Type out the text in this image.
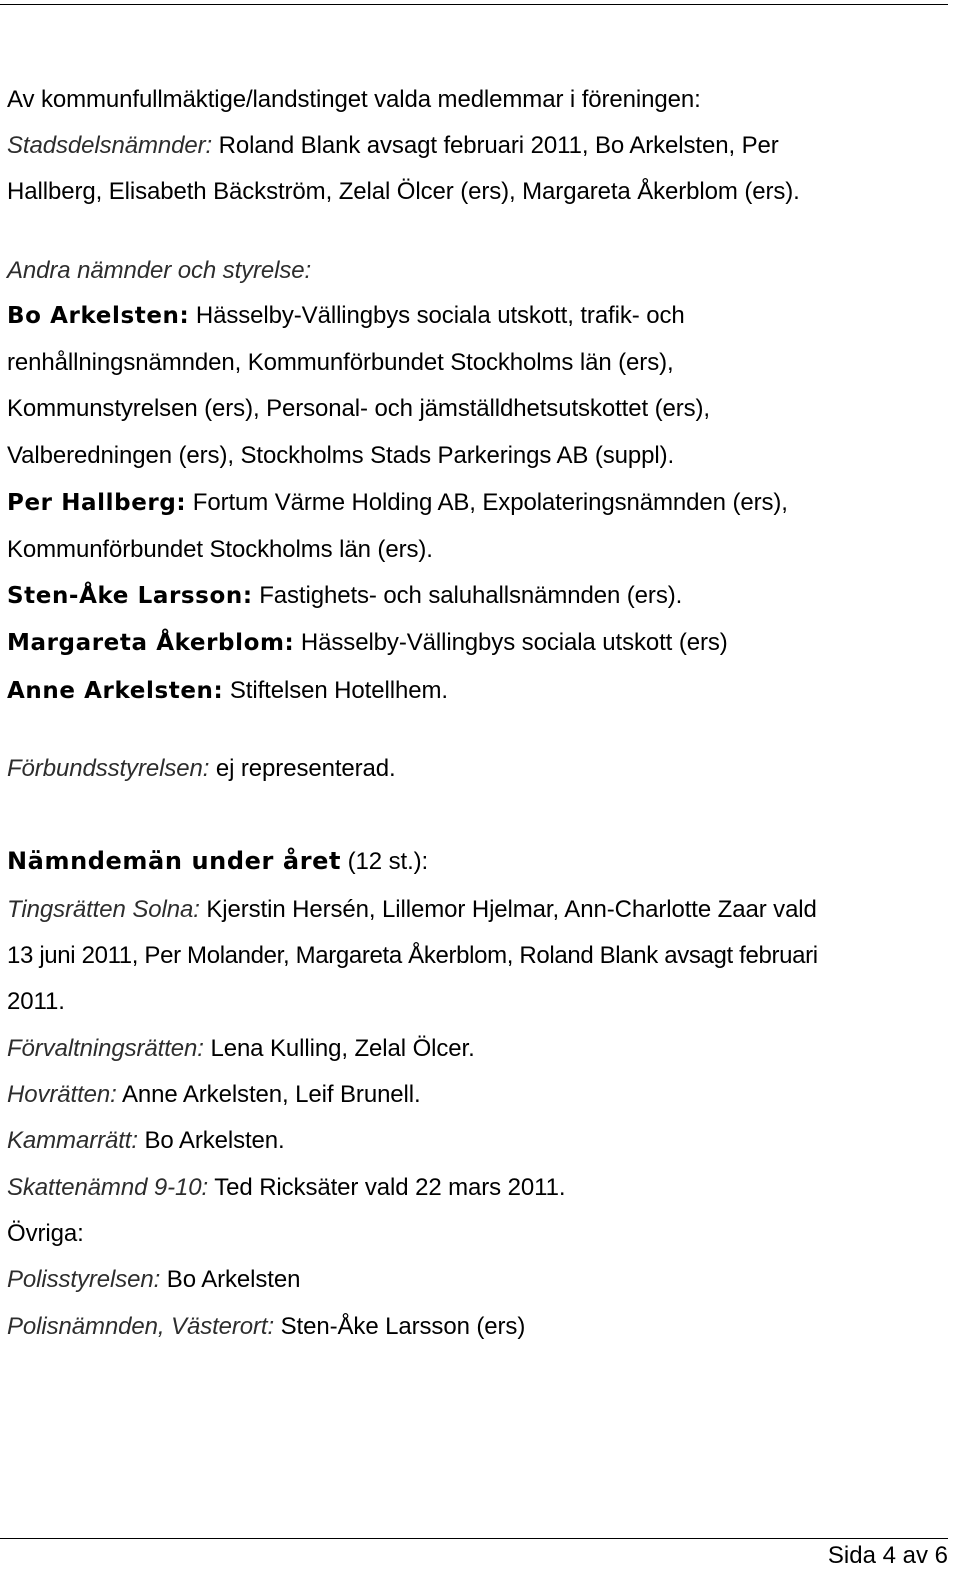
Av kommunfullmäktige/landstinget valda medlemmar i föreningen:
Stadsdelsnämnder: Roland Blank avsagt februari 2011, Bo Arkelsten, Per
Hallberg, Elisabeth Bäckström, Zelal Ölcer (ers), Margareta Åkerblom (ers).
Andra nämnder och styrelse:
Bo Arkelsten: Hässelby-Vällingbys sociala utskott, trafik- och
renhållningsnämnden, Kommunförbundet Stockholms län (ers),
Kommunstyrelsen (ers), Personal- och jämställdhetsutskottet (ers),
Valberedningen (ers), Stockholms Stads Parkerings AB (suppl).
Per Hallberg: Fortum Värme Holding AB, Expolateringsnämnden (ers),
Kommunförbundet Stockholms län (ers).
Sten-Åke Larsson: Fastighets- och saluhallsnämnden (ers).
Margareta Åkerblom: Hässelby-Vällingbys sociala utskott (ers)
Anne Arkelsten: Stiftelsen Hotellhem.
Förbundsstyrelsen: ej representerad.
Nämndemän under året (12 st.):
Tingsrätten Solna: Kjerstin Hersén, Lillemor Hjelmar, Ann-Charlotte Zaar vald
13 juni 2011, Per Molander, Margareta Åkerblom, Roland Blank avsagt februari
2011.
Förvaltningsrätten: Lena Kulling, Zelal Ölcer.
Hovrätten: Anne Arkelsten, Leif Brunell.
Kammarrätt: Bo Arkelsten.
Skattenämnd 9-10: Ted Ricksäter vald 22 mars 2011.
Övriga:
Polisstyrelsen: Bo Arkelsten
Polisnämnden, Västerort: Sten-Åke Larsson (ers)
Sida 4 av 6
